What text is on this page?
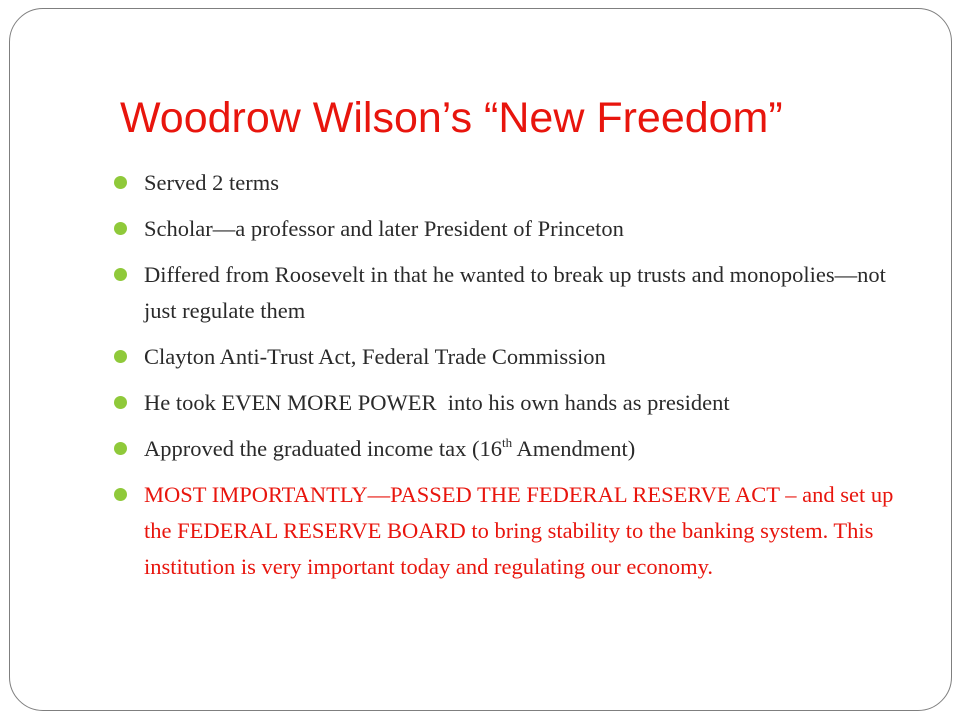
Woodrow Wilson’s “New Freedom”
Served 2 terms
Scholar—a professor and later President of Princeton
Differed from Roosevelt in that he wanted to break up trusts and monopolies—not just regulate them
Clayton Anti-Trust Act, Federal Trade Commission
He took EVEN MORE POWER  into his own hands as president
Approved the graduated income tax (16th Amendment)
MOST IMPORTANTLY—PASSED THE FEDERAL RESERVE ACT – and set up the FEDERAL RESERVE BOARD to bring stability to the banking system. This institution is very important today and regulating our economy.
